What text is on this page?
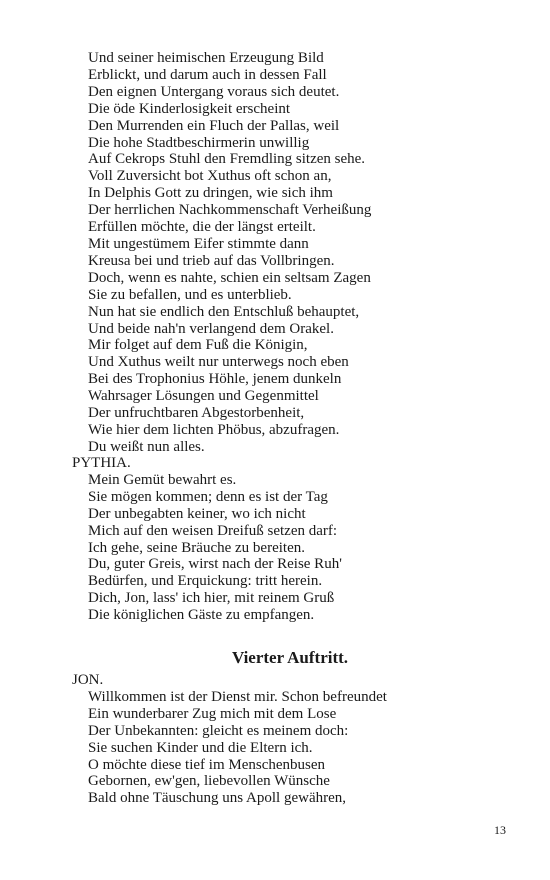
Und seiner heimischen Erzeugung Bild
Erblickt, und darum auch in dessen Fall
Den eignen Untergang voraus sich deutet.
Die öde Kinderlosigkeit erscheint
Den Murrenden ein Fluch der Pallas, weil
Die hohe Stadtbeschirmerin unwillig
Auf Cekrops Stuhl den Fremdling sitzen sehe.
Voll Zuversicht bot Xuthus oft schon an,
In Delphis Gott zu dringen, wie sich ihm
Der herrlichen Nachkommenschaft Verheißung
Erfüllen möchte, die der längst erteilt.
Mit ungestümem Eifer stimmte dann
Kreusa bei und trieb auf das Vollbringen.
Doch, wenn es nahte, schien ein seltsam Zagen
Sie zu befallen, und es unterblieb.
Nun hat sie endlich den Entschluß behauptet,
Und beide nah'n verlangend dem Orakel.
Mir folget auf dem Fuß die Königin,
Und Xuthus weilt nur unterwegs noch eben
Bei des Trophonius Höhle, jenem dunkeln
Wahrsager Lösungen und Gegenmittel
Der unfruchtbaren Abgestorbenheit,
Wie hier dem lichten Phöbus, abzufragen.
Du weißt nun alles.
PYTHIA.
Mein Gemüt bewahrt es.
Sie mögen kommen; denn es ist der Tag
Der unbegabten keiner, wo ich nicht
Mich auf den weisen Dreifuß setzen darf:
Ich gehe, seine Bräuche zu bereiten.
Du, guter Greis, wirst nach der Reise Ruh'
Bedürfen, und Erquickung: tritt herein.
Dich, Jon, lass' ich hier, mit reinem Gruß
Die königlichen Gäste zu empfangen.
Vierter Auftritt.
JON.
Willkommen ist der Dienst mir. Schon befreundet
Ein wunderbarer Zug mich mit dem Lose
Der Unbekannten: gleicht es meinem doch:
Sie suchen Kinder und die Eltern ich.
O möchte diese tief im Menschenbusen
Gebornen, ew'gen, liebevollen Wünsche
Bald ohne Täuschung uns Apoll gewähren,
13
